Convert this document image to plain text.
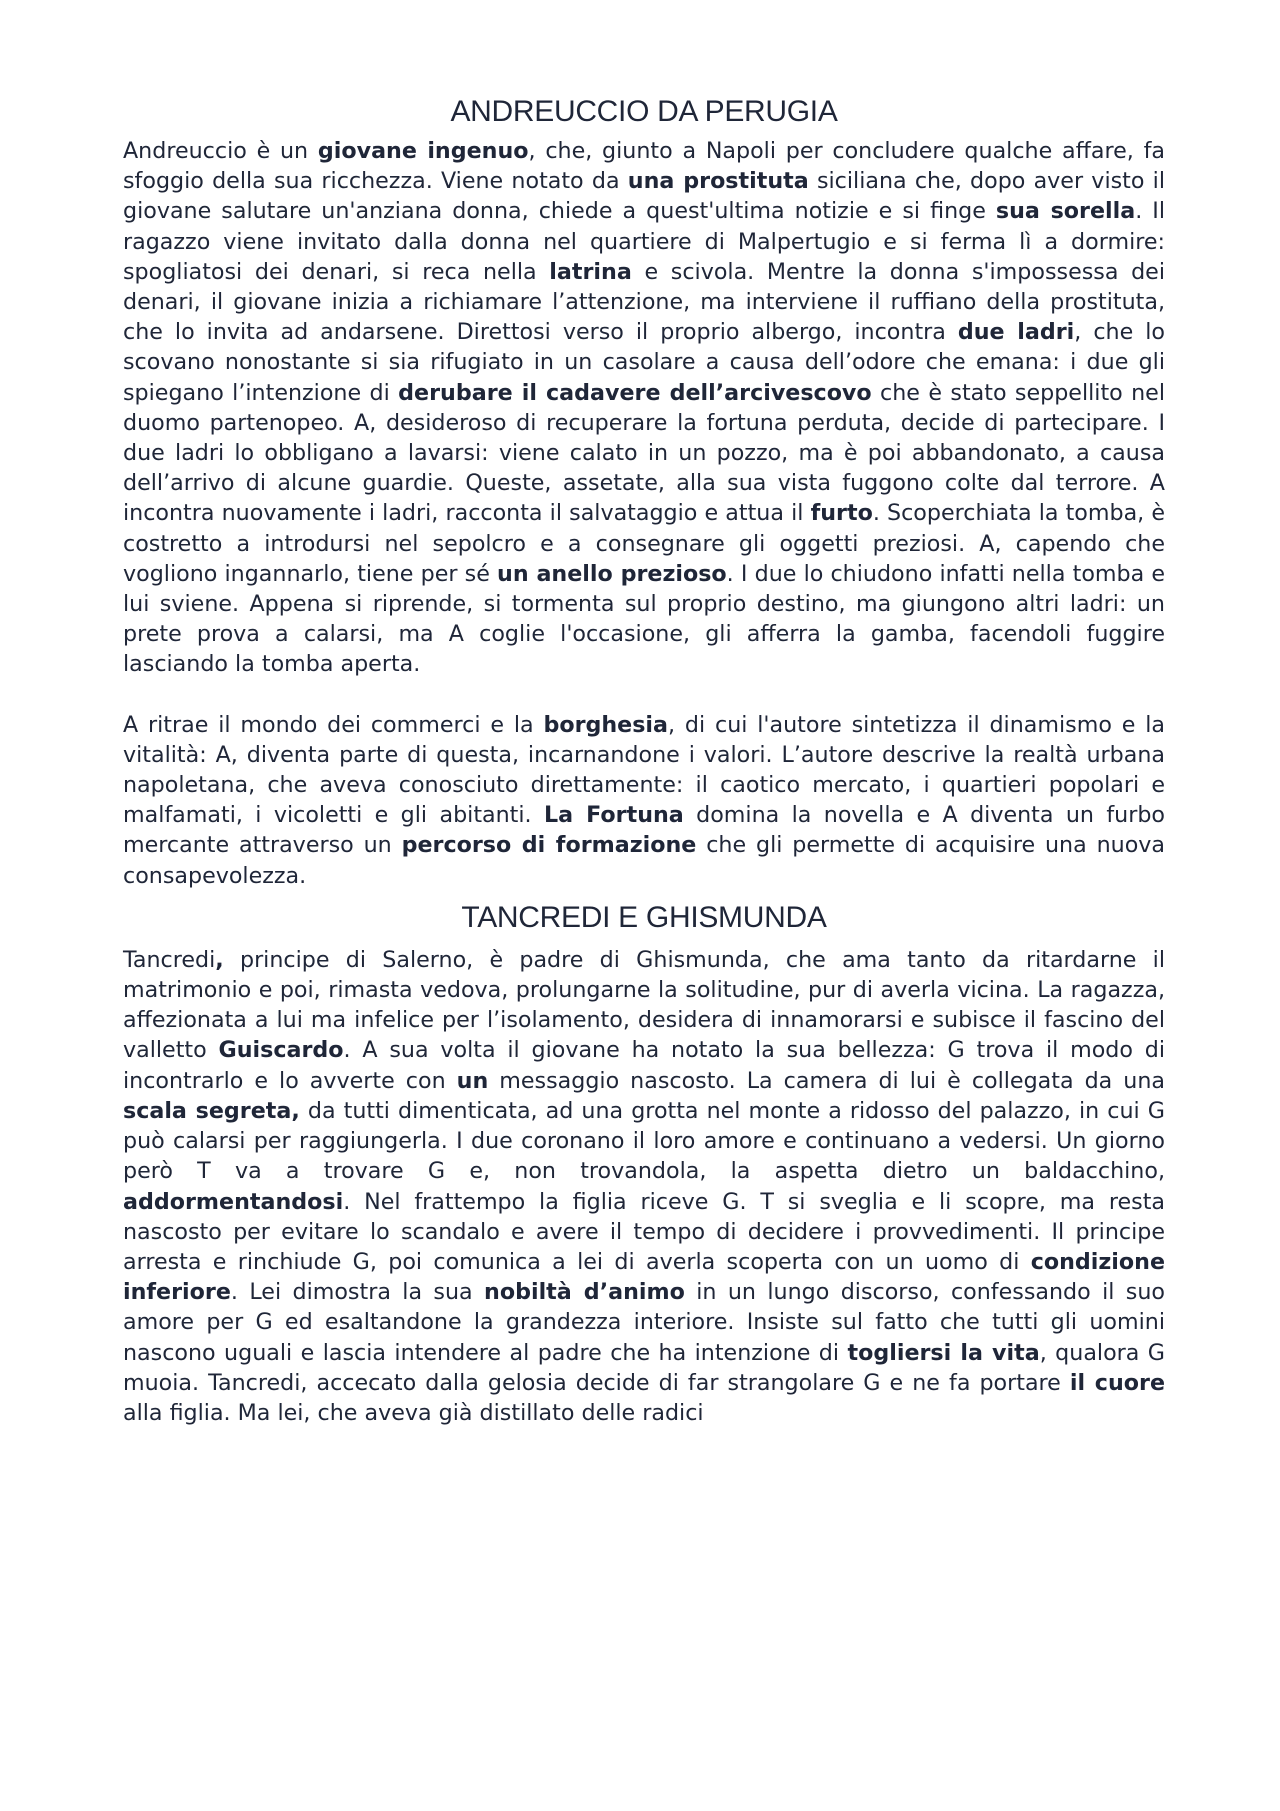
ANDREUCCIO DA PERUGIA

Andreuccio è un giovane ingenuo, che, giunto a Napoli per concludere qualche affare, fa sfoggio della sua ricchezza. Viene notato da una prostituta siciliana che, dopo aver visto il giovane salutare un'anziana donna, chiede a quest'ultima notizie e si finge sua sorella. Il ragazzo viene invitato dalla donna nel quartiere di Malpertugio e si ferma lì a dormire: spogliatosi dei denari, si reca nella latrina e scivola. Mentre la donna s'impossessa dei denari, il giovane inizia a richiamare l’attenzione, ma interviene il ruffiano della prostituta, che lo invita ad andarsene. Direttosi verso il proprio albergo, incontra due ladri, che lo scovano nonostante si sia rifugiato in un casolare a causa dell’odore che emana: i due gli spiegano l’intenzione di derubare il cadavere dell’arcivescovo che è stato seppellito nel duomo partenopeo. A, desideroso di recuperare la fortuna perduta, decide di partecipare. I due ladri lo obbligano a lavarsi: viene calato in un pozzo, ma è poi abbandonato, a causa dell’arrivo di alcune guardie. Queste, assetate, alla sua vista fuggono colte dal terrore. A incontra nuovamente i ladri, racconta il salvataggio e attua il furto. Scoperchiata la tomba, è costretto a introdursi nel sepolcro e a consegnare gli oggetti preziosi. A, capendo che vogliono ingannarlo, tiene per sé un anello prezioso. I due lo chiudono infatti nella tomba e lui sviene. Appena si riprende, si tormenta sul proprio destino, ma giungono altri ladri: un prete prova a calarsi, ma A coglie l'occasione, gli afferra la gamba, facendoli fuggire lasciando la tomba aperta.

A ritrae il mondo dei commerci e la borghesia, di cui l'autore sintetizza il dinamismo e la vitalità: A, diventa parte di questa, incarnandone i valori. L’autore descrive la realtà urbana napoletana, che aveva conosciuto direttamente: il caotico mercato, i quartieri popolari e malfamati, i vicoletti e gli abitanti. La Fortuna domina la novella e A diventa un furbo mercante attraverso un percorso di formazione che gli permette di acquisire una nuova consapevolezza.

TANCREDI E GHISMUNDA

Tancredi, principe di Salerno, è padre di Ghismunda, che ama tanto da ritardarne il matrimonio e poi, rimasta vedova, prolungarne la solitudine, pur di averla vicina. La ragazza, affezionata a lui ma infelice per l’isolamento, desidera di innamorarsi e subisce il fascino del valletto Guiscardo. A sua volta il giovane ha notato la sua bellezza: G trova il modo di incontrarlo e lo avverte con un messaggio nascosto. La camera di lui è collegata da una scala segreta, da tutti dimenticata, ad una grotta nel monte a ridosso del palazzo, in cui G può calarsi per raggiungerla. I due coronano il loro amore e continuano a vedersi. Un giorno però T va a trovare G e, non trovandola, la aspetta dietro un baldacchino, addormentandosi. Nel frattempo la figlia riceve G. T si sveglia e li scopre, ma resta nascosto per evitare lo scandalo e avere il tempo di decidere i provvedimenti. Il principe arresta e rinchiude G, poi comunica a lei di averla scoperta con un uomo di condizione inferiore. Lei dimostra la sua nobiltà d’animo in un lungo discorso, confessando il suo amore per G ed esaltandone la grandezza interiore. Insiste sul fatto che tutti gli uomini nascono uguali e lascia intendere al padre che ha intenzione di togliersi la vita, qualora G muoia. Tancredi, accecato dalla gelosia decide di far strangolare G e ne fa portare il cuore alla figlia. Ma lei, che aveva già distillato delle radici
